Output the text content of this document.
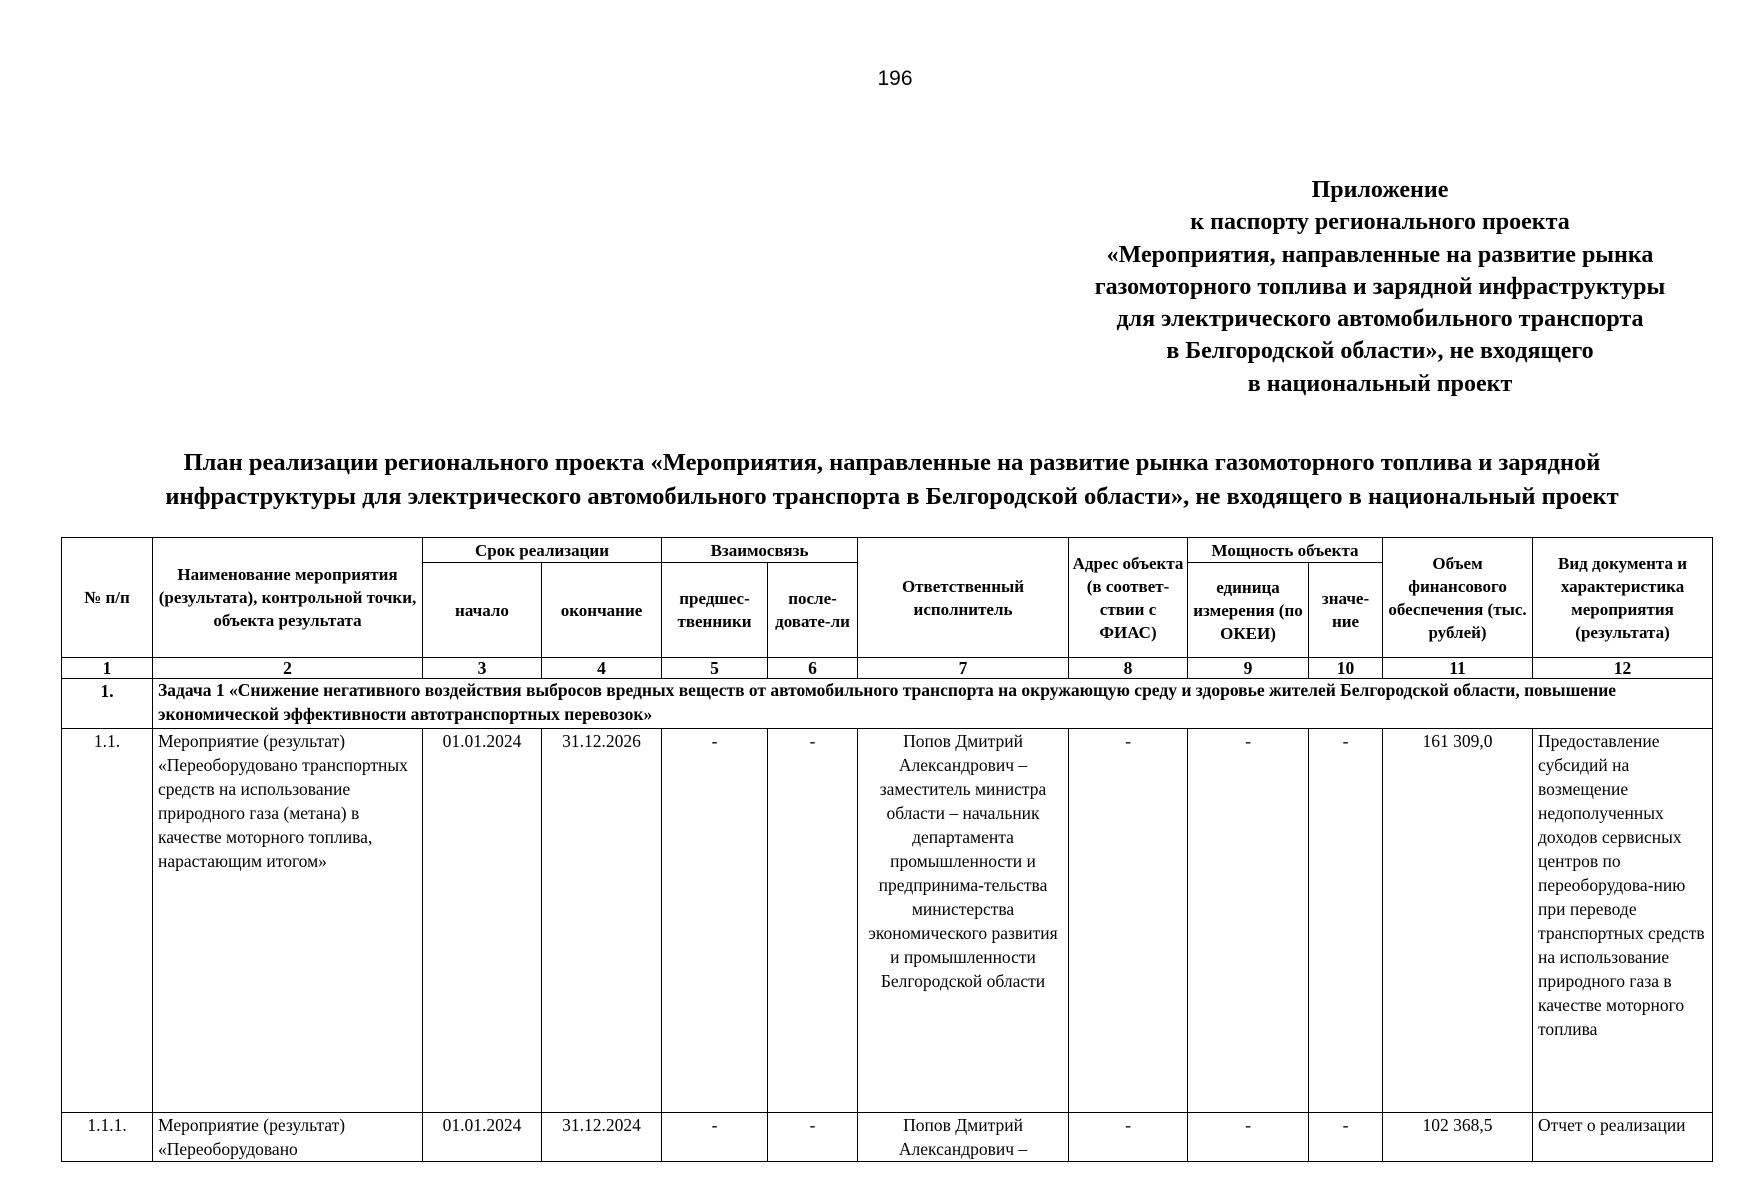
196
Приложение
к паспорту регионального проекта
«Мероприятия, направленные на развитие рынка
газомоторного топлива и зарядной инфраструктуры
для электрического автомобильного транспорта
в Белгородской области», не входящего
в национальный проект
План реализации регионального проекта «Мероприятия, направленные на развитие рынка газомоторного топлива и зарядной
инфраструктуры для электрического автомобильного транспорта в Белгородской области», не входящего в национальный проект
№ п/п	Наименование мероприятия (результата), контрольной точки, объекта результата	Срок реализации		Взаимосвязь		Ответственный исполнитель	Адрес объекта (в соответ-ствии с ФИАС)	Мощность объекта		Объем финансового обеспечения (тыс. рублей)	Вид документа и характеристика мероприятия (результата)
		начало	окончание	предшес-твенники	после-довате-ли			единица измерения (по ОКЕИ)	значе-ние		
1	2	3	4	5	6	7	8	9	10	11	12
1.	Задача 1 «Снижение негативного воздействия выбросов вредных веществ от автомобильного транспорта на окружающую среду и здоровье жителей Белгородской области, повышение экономической эффективности автотранспортных перевозок»										
1.1.	Мероприятие (результат) «Переоборудовано транспортных средств на использование природного газа (метана) в качестве моторного топлива, нарастающим итогом»	01.01.2024	31.12.2026	-	-	Попов Дмитрий Александрович – заместитель министра области – начальник департамента промышленности и предпринима-тельства министерства экономического развития и промышленности Белгородской области	-	-	-	161 309,0	Предоставление субсидий на возмещение недополученных доходов сервисных центров по переоборудова-нию при переводе транспортных средств на использование природного газа в качестве моторного топлива
1.1.1.	Мероприятие (результат) «Переоборудовано	01.01.2024	31.12.2024	-	-	Попов Дмитрий Александрович –	-	-	-	102 368,5	Отчет о реализации
